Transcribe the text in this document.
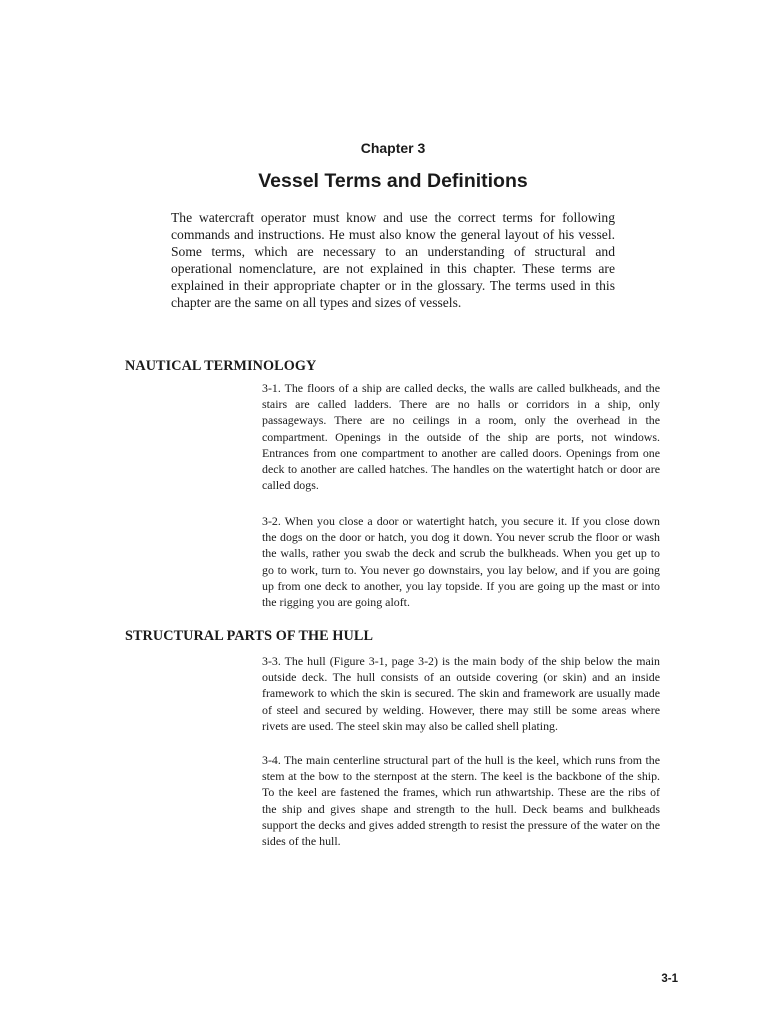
Chapter 3
Vessel Terms and Definitions

The watercraft operator must know and use the correct terms for following commands and instructions. He must also know the general layout of his vessel. Some terms, which are necessary to an understanding of structural and operational nomenclature, are not explained in this chapter. These terms are explained in their appropriate chapter or in the glossary. The terms used in this chapter are the same on all types and sizes of vessels.

NAUTICAL TERMINOLOGY

3-1. The floors of a ship are called decks, the walls are called bulkheads, and the stairs are called ladders. There are no halls or corridors in a ship, only passageways. There are no ceilings in a room, only the overhead in the compartment. Openings in the outside of the ship are ports, not windows. Entrances from one compartment to another are called doors. Openings from one deck to another are called hatches. The handles on the watertight hatch or door are called dogs.

3-2. When you close a door or watertight hatch, you secure it. If you close down the dogs on the door or hatch, you dog it down. You never scrub the floor or wash the walls, rather you swab the deck and scrub the bulkheads. When you get up to go to work, turn to. You never go downstairs, you lay below, and if you are going up from one deck to another, you lay topside. If you are going up the mast or into the rigging you are going aloft.

STRUCTURAL PARTS OF THE HULL

3-3. The hull (Figure 3-1, page 3-2) is the main body of the ship below the main outside deck. The hull consists of an outside covering (or skin) and an inside framework to which the skin is secured. The skin and framework are usually made of steel and secured by welding. However, there may still be some areas where rivets are used. The steel skin may also be called shell plating.

3-4. The main centerline structural part of the hull is the keel, which runs from the stem at the bow to the sternpost at the stern. The keel is the backbone of the ship. To the keel are fastened the frames, which run athwartship. These are the ribs of the ship and gives shape and strength to the hull. Deck beams and bulkheads support the decks and gives added strength to resist the pressure of the water on the sides of the hull.

3-1
